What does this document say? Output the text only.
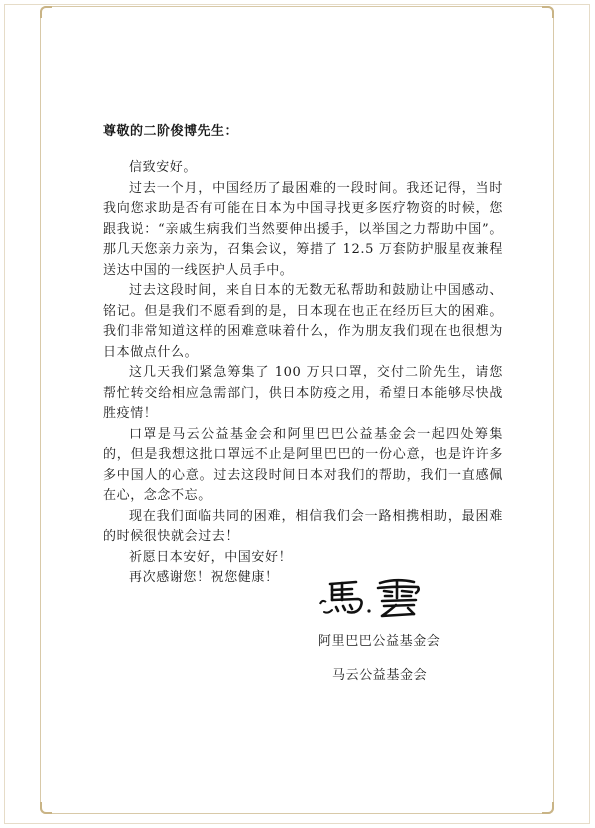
尊敬的二阶俊博先生：

信致安好。

过去一个月，中国经历了最困难的一段时间。我还记得，当时我向您求助是否有可能在日本为中国寻找更多医疗物资的时候，您跟我说：“亲戚生病我们当然要伸出援手，以举国之力帮助中国”。那几天您亲力亲为，召集会议，筹措了 12.5 万套防护服星夜兼程送达中国的一线医护人员手中。

过去这段时间，来自日本的无数无私帮助和鼓励让中国感动、铭记。但是我们不愿看到的是，日本现在也正在经历巨大的困难。我们非常知道这样的困难意味着什么，作为朋友我们现在也很想为日本做点什么。

这几天我们紧急筹集了 100 万只口罩，交付二阶先生，请您帮忙转交给相应急需部门，供日本防疫之用，希望日本能够尽快战胜疫情！

口罩是马云公益基金会和阿里巴巴公益基金会一起四处筹集的，但是我想这批口罩远不止是阿里巴巴的一份心意，也是许许多多中国人的心意。过去这段时间日本对我们的帮助，我们一直感佩在心，念念不忘。

现在我们面临共同的困难，相信我们会一路相携相助，最困难的时候很快就会过去！

祈愿日本安好，中国安好！

再次感谢您！祝您健康！

阿里巴巴公益基金会
马云公益基金会
